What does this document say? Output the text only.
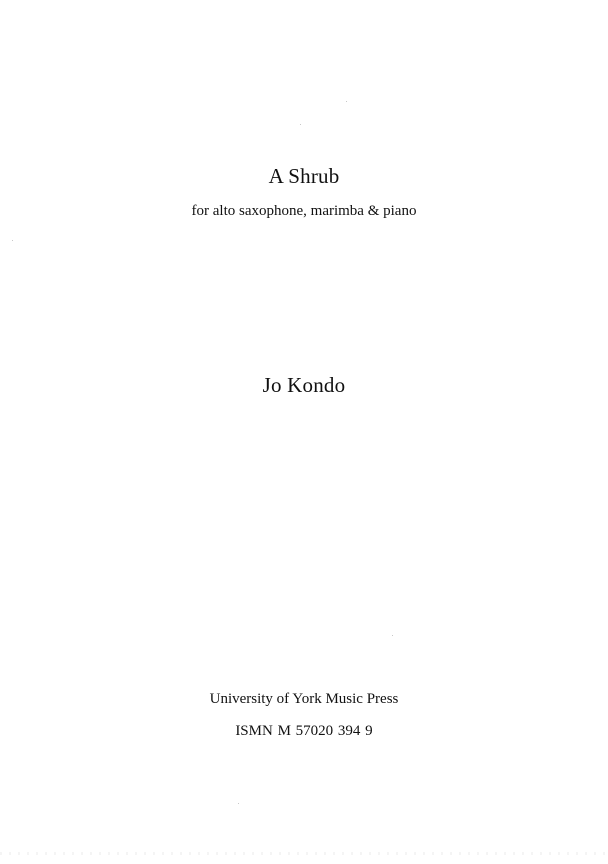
A Shrub
for alto saxophone, marimba & piano
Jo Kondo
University of York Music Press
ISMN M 57020 394 9
